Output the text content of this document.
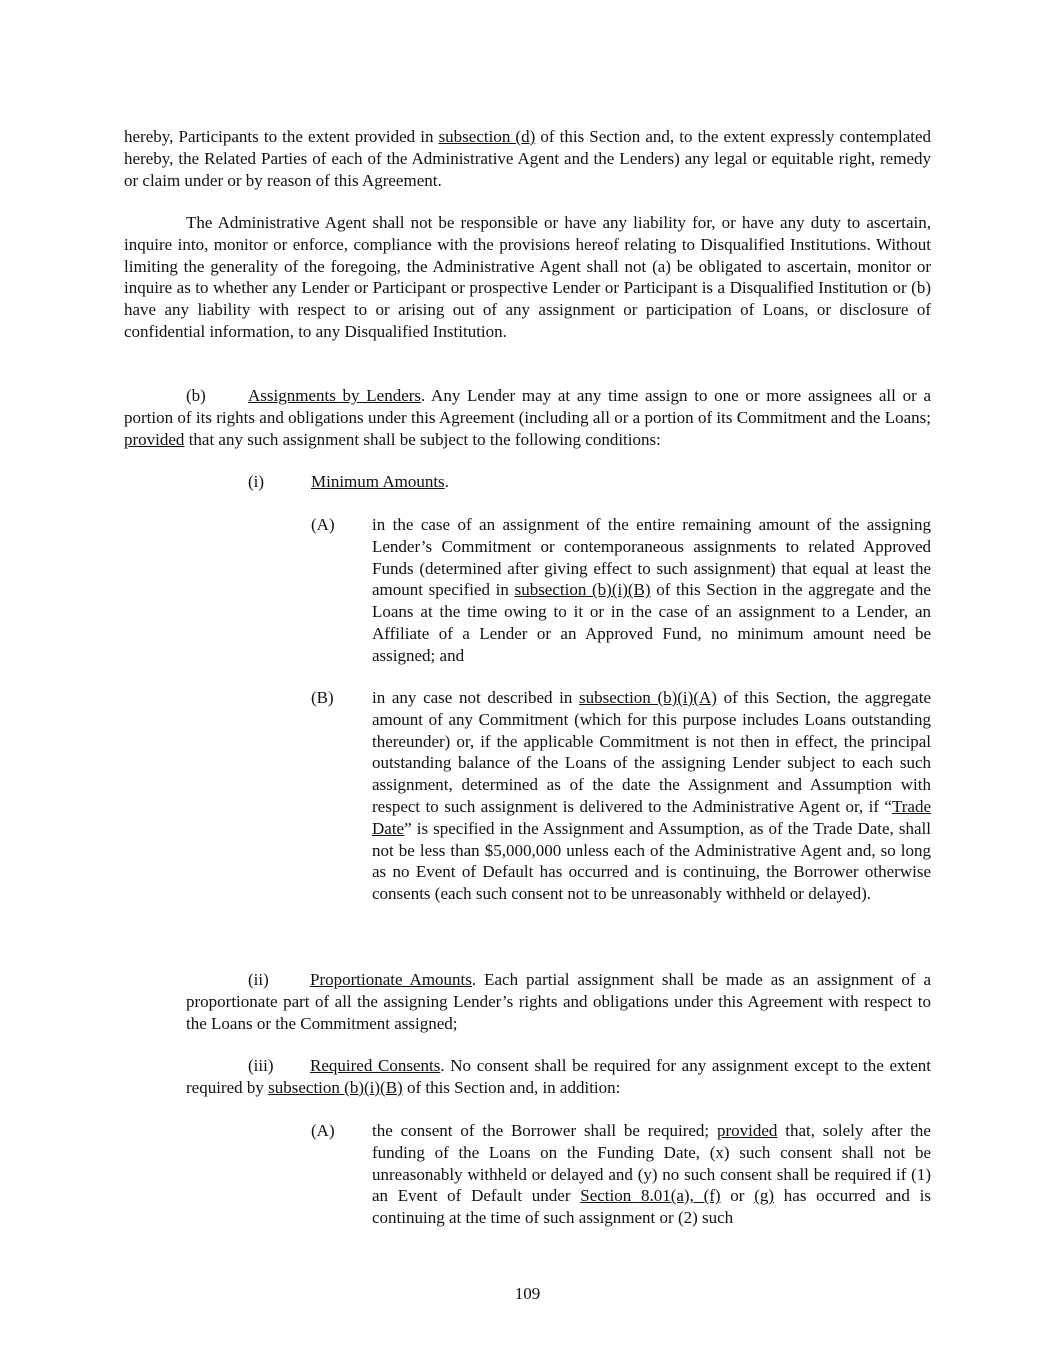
hereby, Participants to the extent provided in subsection (d) of this Section and, to the extent expressly contemplated hereby, the Related Parties of each of the Administrative Agent and the Lenders) any legal or equitable right, remedy or claim under or by reason of this Agreement.

The Administrative Agent shall not be responsible or have any liability for, or have any duty to ascertain, inquire into, monitor or enforce, compliance with the provisions hereof relating to Disqualified Institutions. Without limiting the generality of the foregoing, the Administrative Agent shall not (a) be obligated to ascertain, monitor or inquire as to whether any Lender or Participant or prospective Lender or Participant is a Disqualified Institution or (b) have any liability with respect to or arising out of any assignment or participation of Loans, or disclosure of confidential information, to any Disqualified Institution.

(b) Assignments by Lenders. Any Lender may at any time assign to one or more assignees all or a portion of its rights and obligations under this Agreement (including all or a portion of its Commitment and the Loans; provided that any such assignment shall be subject to the following conditions:

(i)	Minimum Amounts.

(A) in the case of an assignment of the entire remaining amount of the assigning Lender’s Commitment or contemporaneous assignments to related Approved Funds (determined after giving effect to such assignment) that equal at least the amount specified in subsection (b)(i)(B) of this Section in the aggregate and the Loans at the time owing to it or in the case of an assignment to a Lender, an Affiliate of a Lender or an Approved Fund, no minimum amount need be assigned; and

(B) in any case not described in subsection (b)(i)(A) of this Section, the aggregate amount of any Commitment (which for this purpose includes Loans outstanding thereunder) or, if the applicable Commitment is not then in effect, the principal outstanding balance of the Loans of the assigning Lender subject to each such assignment, determined as of the date the Assignment and Assumption with respect to such assignment is delivered to the Administrative Agent or, if “Trade Date” is specified in the Assignment and Assumption, as of the Trade Date, shall not be less than $5,000,000 unless each of the Administrative Agent and, so long as no Event of Default has occurred and is continuing, the Borrower otherwise consents (each such consent not to be unreasonably withheld or delayed).

(ii) Proportionate Amounts. Each partial assignment shall be made as an assignment of a proportionate part of all the assigning Lender’s rights and obligations under this Agreement with respect to the Loans or the Commitment assigned;

(iii) Required Consents. No consent shall be required for any assignment except to the extent required by subsection (b)(i)(B) of this Section and, in addition:

(A) the consent of the Borrower shall be required; provided that, solely after the funding of the Loans on the Funding Date, (x) such consent shall not be unreasonably withheld or delayed and (y) no such consent shall be required if (1) an Event of Default under Section 8.01(a), (f) or (g) has occurred and is continuing at the time of such assignment or (2) such

109
